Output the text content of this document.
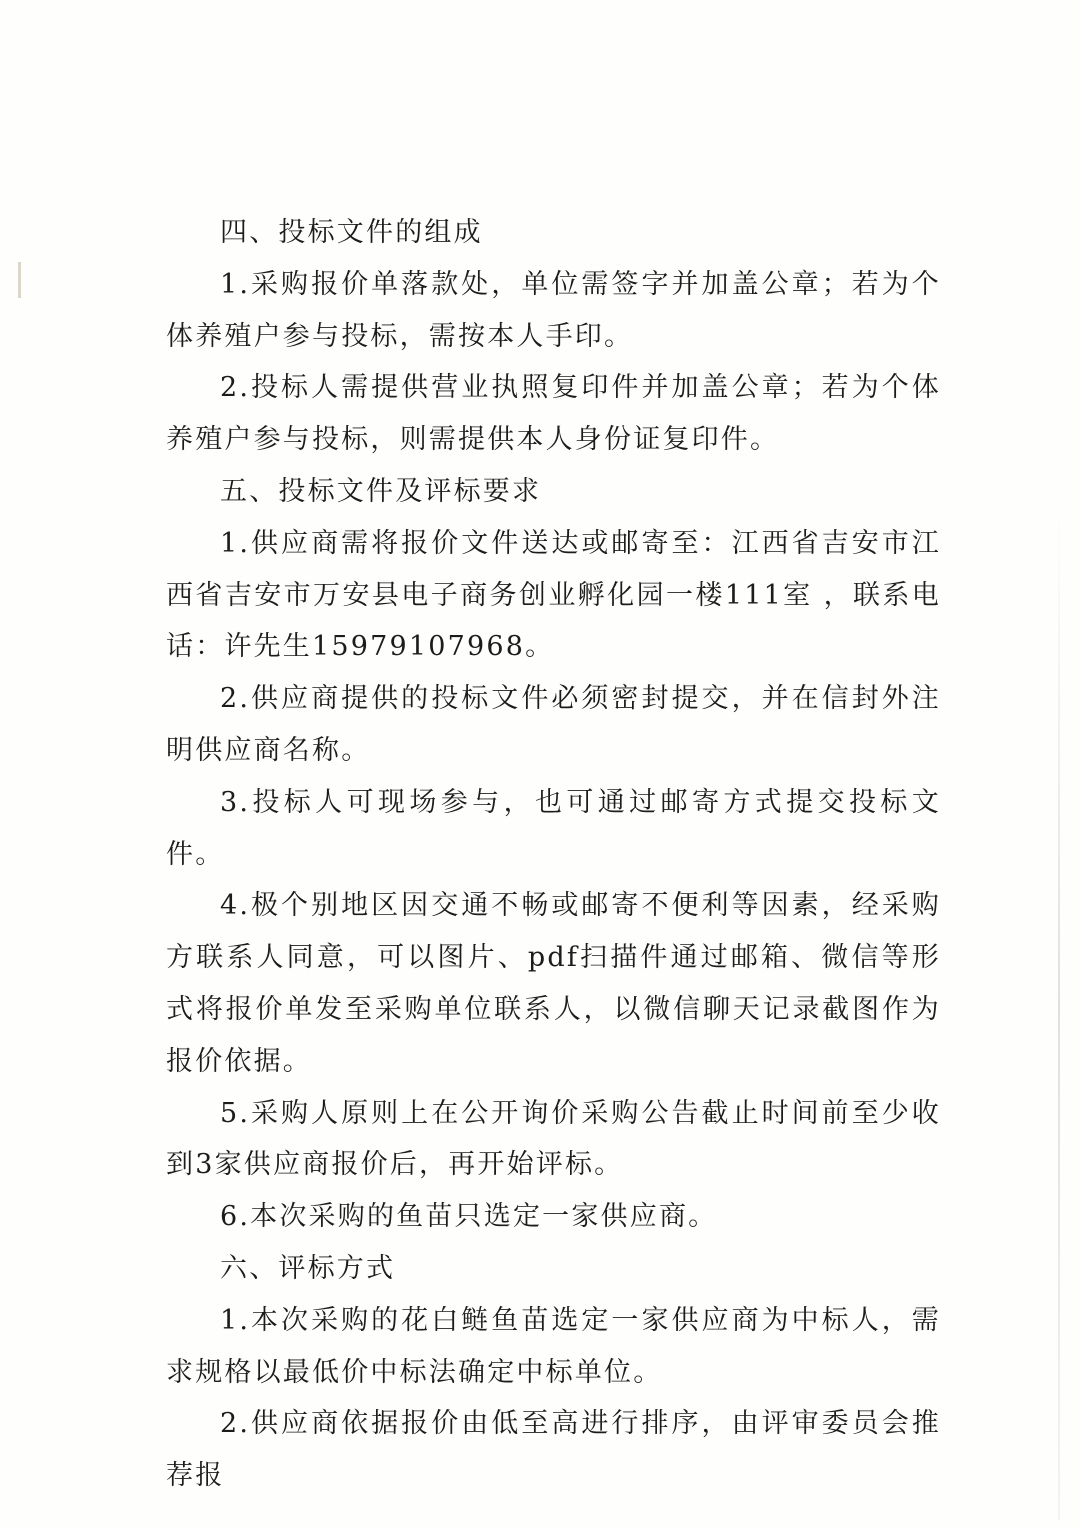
四、投标文件的组成

1.采购报价单落款处，单位需签字并加盖公章；若为个体养殖户参与投标，需按本人手印。

2.投标人需提供营业执照复印件并加盖公章；若为个体养殖户参与投标，则需提供本人身份证复印件。

五、投标文件及评标要求

1.供应商需将报价文件送达或邮寄至：江西省吉安市江西省吉安市万安县电子商务创业孵化园一楼111室 ，联系电话：许先生15979107968。

2.供应商提供的投标文件必须密封提交，并在信封外注明供应商名称。

3.投标人可现场参与，也可通过邮寄方式提交投标文件。

4.极个别地区因交通不畅或邮寄不便利等因素，经采购方联系人同意，可以图片、pdf扫描件通过邮箱、微信等形式将报价单发至采购单位联系人，以微信聊天记录截图作为报价依据。

5.采购人原则上在公开询价采购公告截止时间前至少收到3家供应商报价后，再开始评标。

6.本次采购的鱼苗只选定一家供应商。

六、评标方式

1.本次采购的花白鲢鱼苗选定一家供应商为中标人，需求规格以最低价中标法确定中标单位。

2.供应商依据报价由低至高进行排序，由评审委员会推荐报
